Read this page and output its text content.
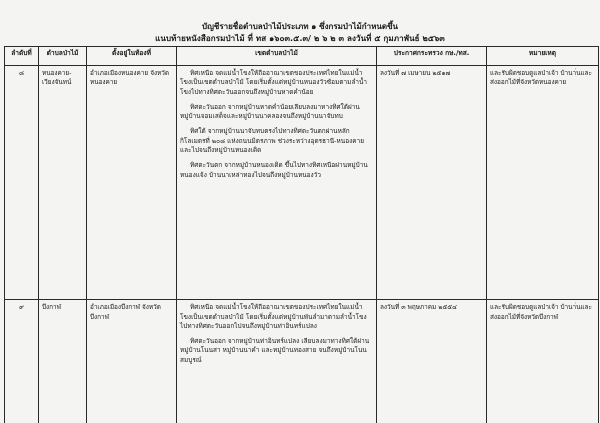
บัญชีรายชื่อตำบลป่าไม้ประเภท ๑ ซึ่งกรมป่าไม้กำหนดขึ้น
แนบท้ายหนังสือกรมป่าไม้ ที่ ทส ๑๖๐๓.๕.๓/ ๒ ๖ ๒ ๓ ลงวันที่ ๕ กุมภาพันธ์ ๒๕๖๓
ลำดับที่	ตำบลป่าไม้	ตั้งอยู่ในท้องที่	เขตตำบลป่าไม้	ประกาศกระทรวง กษ./ทส.	หมายเหตุ
๘	หนองคาย-เวียงจันทน์	อำเภอเมืองหนองคาย จังหวัดหนองคาย	ทิศเหนือ จดแม่น้ำโขงให้ถืออาณาเขตของประเทศไทยในแม่น้ำโขงเป็นเขตตำบลป่าไม้ โดยเริ่มตั้งแต่หมู่บ้านหนองวัวซ้อมตามลำน้ำโขงไปทางทิศตะวันออกจนถึงหมู่บ้านหาดคำน้อย

ทิศตะวันออก จากหมู่บ้านหาดคำน้อยเลียบลงมาทางทิศใต้ผ่านหมู่บ้านจอมเสด็จและหมู่บ้านนาคลองจนถึงหมู่บ้านนาจับทบ

ทิศใต้ จากหมู่บ้านนาจับทบตรงไปทางทิศตะวันตกผ่านหลักกิโลเมตรที่ ๒๐๘ แห่งถนนมิตรภาพ ช่วงระหว่างอุดรธานี-หนองคาย และไปจนถึงหมู่บ้านหนองเดิด

ทิศตะวันตก จากหมู่บ้านหนองเดิด ขึ้นไปทางทิศเหนือผ่านหมู่บ้านหนองแจ้ง บ้านนาเหล่าทองไปจนถึงหมู่บ้านหนองวัว	ลงวันที่ ๗ เมษายน ๒๕๑๗	และรับผิดชอบดูแลป่าเจ้า บ้านา่นและส่งออกไม้ที่จังหวัดหนองคาย
๙	บึงกาฬ	อำเภอเมืองบึงกาฬ จังหวัดบึงกาฬ	ทิศเหนือ จดแม่น้ำโขงให้ถืออาณาเขตของประเทศไทยในแม่น้ำโขงเป็นเขตตำบลป่าไม้ โดยเริ่มตั้งแต่หมู่บ้านพันลำมาตามลำน้ำโขง ไปทางทิศตะวันออกไปจนถึงหมู่บ้านท่าอินทร์แปลง

ทิศตะวันออก จากหมู่บ้านท่าอินทร์แปลง เลียบลงมาทางทิศใต้ผ่านหมู่บ้านโนนสา หมู่บ้านนาคำ และหมู่บ้านทองสาย จนถึงหมู่บ้านโนนสมบูรณ์	ลงวันที่ ๓ พฤษภาคม ๒๕๕๔	และรับผิดชอบดูแลป่าเจ้า บ้านา่นและส่งออกไม้ที่จังหวัดบึงกาฬ
